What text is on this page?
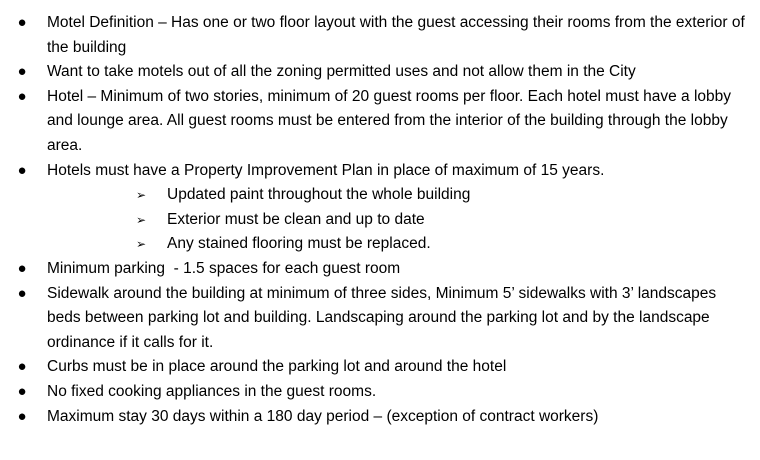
● Motel Definition – Has one or two floor layout with the guest accessing their rooms from the exterior of the building
● Want to take motels out of all the zoning permitted uses and not allow them in the City
● Hotel – Minimum of two stories, minimum of 20 guest rooms per floor. Each hotel must have a lobby and lounge area. All guest rooms must be entered from the interior of the building through the lobby area.
● Hotels must have a Property Improvement Plan in place of maximum of 15 years.
➢ Updated paint throughout the whole building
➢ Exterior must be clean and up to date
➢ Any stained flooring must be replaced.
● Minimum parking  - 1.5 spaces for each guest room
● Sidewalk around the building at minimum of three sides, Minimum 5’ sidewalks with 3’ landscapes beds between parking lot and building. Landscaping around the parking lot and by the landscape ordinance if it calls for it.
● Curbs must be in place around the parking lot and around the hotel
● No fixed cooking appliances in the guest rooms.
● Maximum stay 30 days within a 180 day period – (exception of contract workers)
